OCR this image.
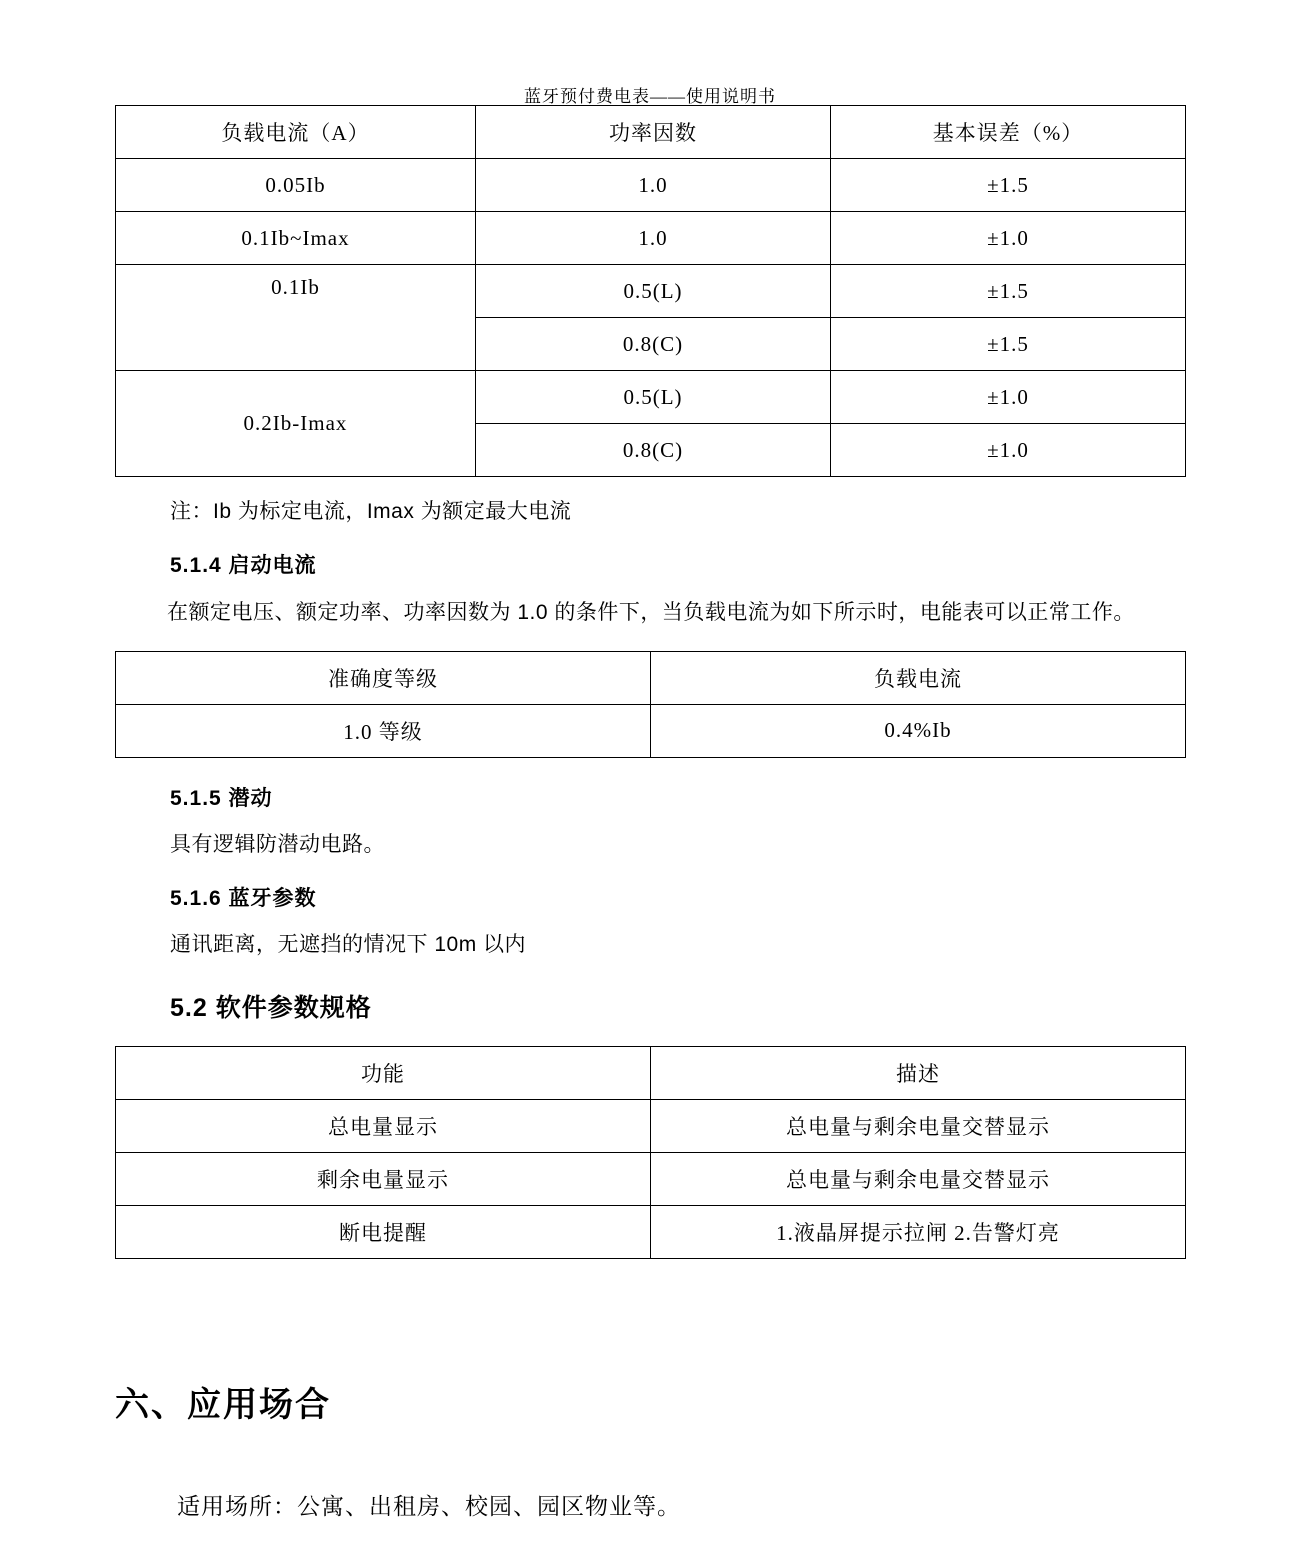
蓝牙预付费电表——使用说明书
负载电流（A）	功率因数	基本误差（%）
0.05Ib	1.0	±1.5
0.1Ib~Imax	1.0	±1.0
0.1Ib	0.5(L)	±1.5
	0.8(C)	±1.5
0.2Ib-Imax	0.5(L)	±1.0
	0.8(C)	±1.0
注：Ib 为标定电流，Imax 为额定最大电流
5.1.4 启动电流
在额定电压、额定功率、功率因数为 1.0 的条件下，当负载电流为如下所示时，电能表可以正常工作。
准确度等级	负载电流
1.0 等级	0.4%Ib
5.1.5 潜动
具有逻辑防潜动电路。
5.1.6 蓝牙参数
通讯距离，无遮挡的情况下 10m 以内
5.2 软件参数规格
功能	描述
总电量显示	总电量与剩余电量交替显示
剩余电量显示	总电量与剩余电量交替显示
断电提醒	1.液晶屏提示拉闸 2.告警灯亮
六、应用场合
适用场所：公寓、出租房、校园、园区物业等。
